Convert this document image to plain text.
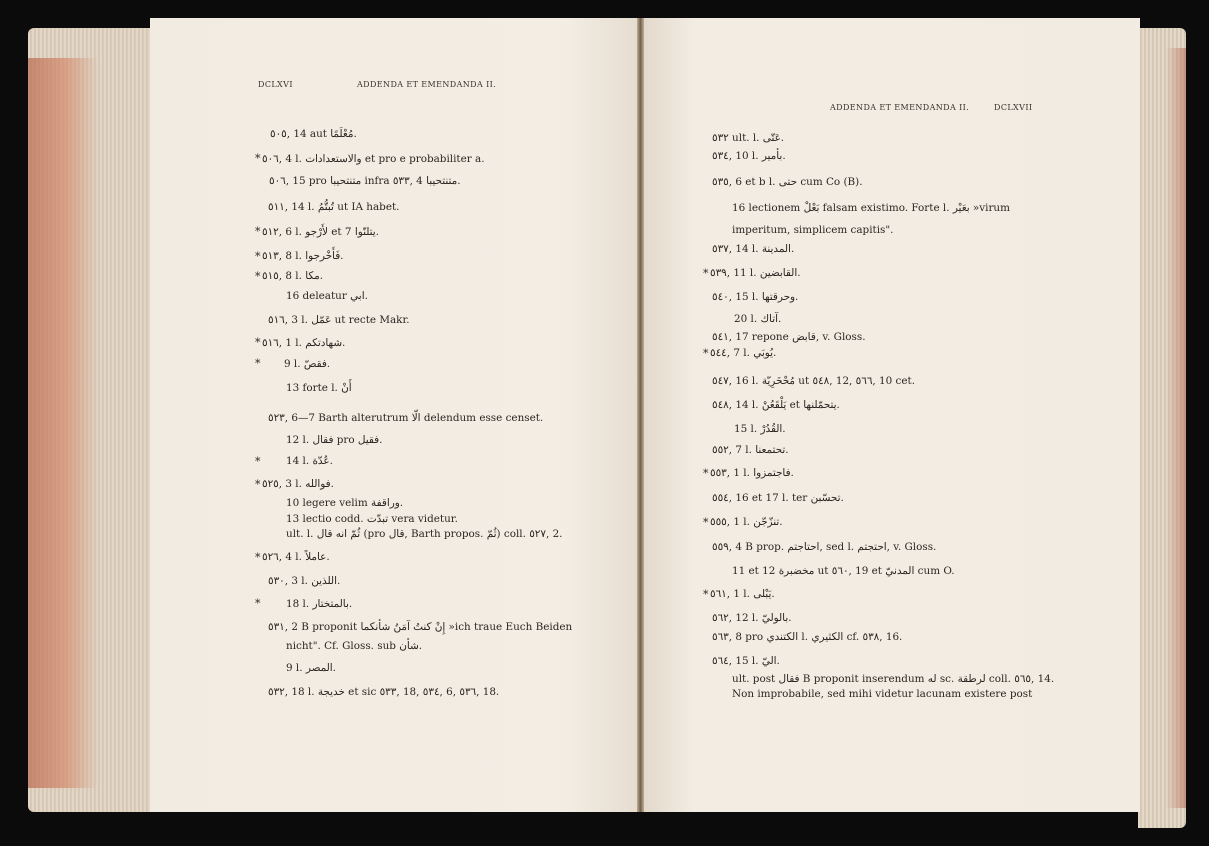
DCLXVI	ADDENDA ET EMENDANDA II.
٥٠٥, 14 aut مُعْلَمًا.
* ٥٠٦, 4 l. والاستعدادات et pro e probabiliter a.
٥٠٦, 15 pro متنتحيبا infra ٥٣٣, 4 متنتحيبا.
٥١١, 14 l. تُبتُّمُ ut IA habet.
* ٥١٢, 6 l. لأَرْجو et 7 يتلنّوا.
* ٥١٣, 8 l. فَأَخْرجوا.
* ٥١٥, 8 l. مكا.
16 deleatur ابي.
٥١٦, 3 l. عَمّل ut recte Makr.
* ٥١٦, 1 l. شهادتكم.
* 9 l. فقصّ.
13 forte l. أَنْ
٥٢٣, 6—7 Barth alterutrum الّا delendum esse censet.
12 l. فقال pro فقيل.
* 14 l. عُدّة.
* ٥٢٥, 3 l. فوالله.
10 legere velim وراقفة.
13 lectio codd. تبدّت vera videtur.
ult. l. ثُمّ انه قال (pro قال, Barth propos. ثُمّ) coll. ٥٢٧, 2.
* ٥٢٦, 4 l. عاملاً.
٥٣٠, 3 l. اللذين.
* 18 l. بالمتختار.
٥٣١, 2 B proponit إِنْ كنتُ آمَنُ شأنكما »ich traue Euch Beiden
nicht". Cf. Gloss. sub شأن.
9 l. المصر.
٥٣٢, 18 l. خديجة et sic ٥٣٣, 18, ٥٣٤, 6, ٥٣٦, 18.
ADDENDA ET EMENDANDA II.	DCLXVII
٥٣٢ ult. l. عَتّى.
٥٣٤, 10 l. بأمير.
٥٣٥, 6 et b l. حتى cum Co (B).
16 lectionem بَعْلْ falsam existimo. Forte l. بعَيْر »virum
imperitum, simplicem capitis".
٥٣٧, 14 l. المدينة.
* ٥٣٩, 11 l. القابضين.
٥٤٠, 15 l. وحرقتها.
20 l. آتاك.
٥٤١, 17 repone قابض, v. Gloss.
* ٥٤٤, 7 l. يُوبَي.
٥٤٧, 16 l. مُحْخَرِيّة ut ٥٤٨, 12, ٥٦٦, 10 cet.
٥٤٨, 14 l. يَلْقَعُنْ et يتحمّلنها.
15 l. القُدُرْ.
٥٥٢, 7 l. تحتمعنا.
* ٥٥٣, 1 l. فاجتمزوا.
٥٥٤, 16 et 17 l. ter تحسّبن.
* ٥٥٥, 1 l. تنزّجّن.
٥٥٩, 4 B prop. احتاجتم, sed l. احتجتم, v. Gloss.
11 et 12 مخضبرة ut ٥٦٠, 19 et المدنيّ cum O.
* ٥٦١, 1 l. يَبْلى.
٥٦٢, 12 l. بالوليّ.
٥٦٣, 8 pro الكتندي l. الكثيري cf. ٥٣٨, 16.
٥٦٤, 15 l. اليّ.
ult. post فقال B proponit inserendum له sc. لرطقة coll. ٥٦٥, 14.
Non improbabile, sed mihi videtur lacunam existere post
